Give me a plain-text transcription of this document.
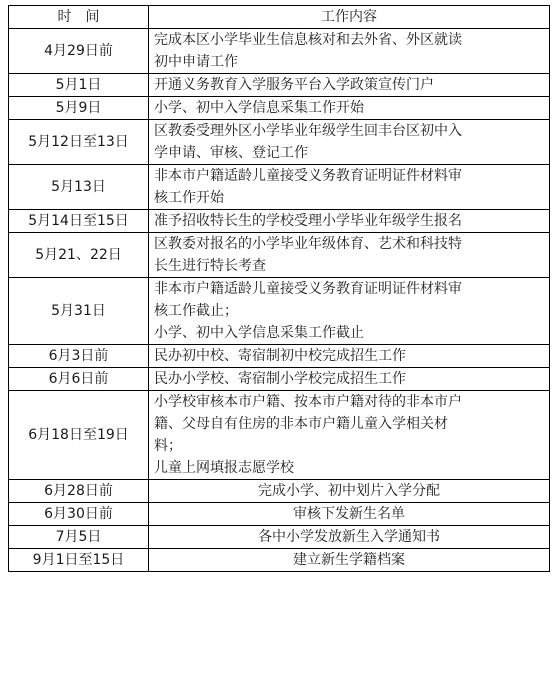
时间	工作内容
4月29日前	完成本区小学毕业生信息核对和去外省、外区就读
初中申请工作

5月1日	开通义务教育入学服务平台入学政策宣传门户

5月9日	小学、初中入学信息采集工作开始

5月12日至13日	区教委受理外区小学毕业年级学生回丰台区初中入
学申请、审核、登记工作

5月13日	非本市户籍适龄儿童接受义务教育证明证件材料审
核工作开始

5月14日至15日	准予招收特长生的学校受理小学毕业年级学生报名

5月21、22日	区教委对报名的小学毕业年级体育、艺术和科技特
长生进行特长考查

5月31日	非本市户籍适龄儿童接受义务教育证明证件材料审
核工作截止；
小学、初中入学信息采集工作截止

6月3日前	民办初中校、寄宿制初中校完成招生工作

6月6日前	民办小学校、寄宿制小学校完成招生工作

6月18日至19日	小学校审核本市户籍、按本市户籍对待的非本市户
籍、父母自有住房的非本市户籍儿童入学相关材
料；
儿童上网填报志愿学校

6月28日前	完成小学、初中划片入学分配

6月30日前	审核下发新生名单

7月5日	各中小学发放新生入学通知书

9月1日至15日	建立新生学籍档案
